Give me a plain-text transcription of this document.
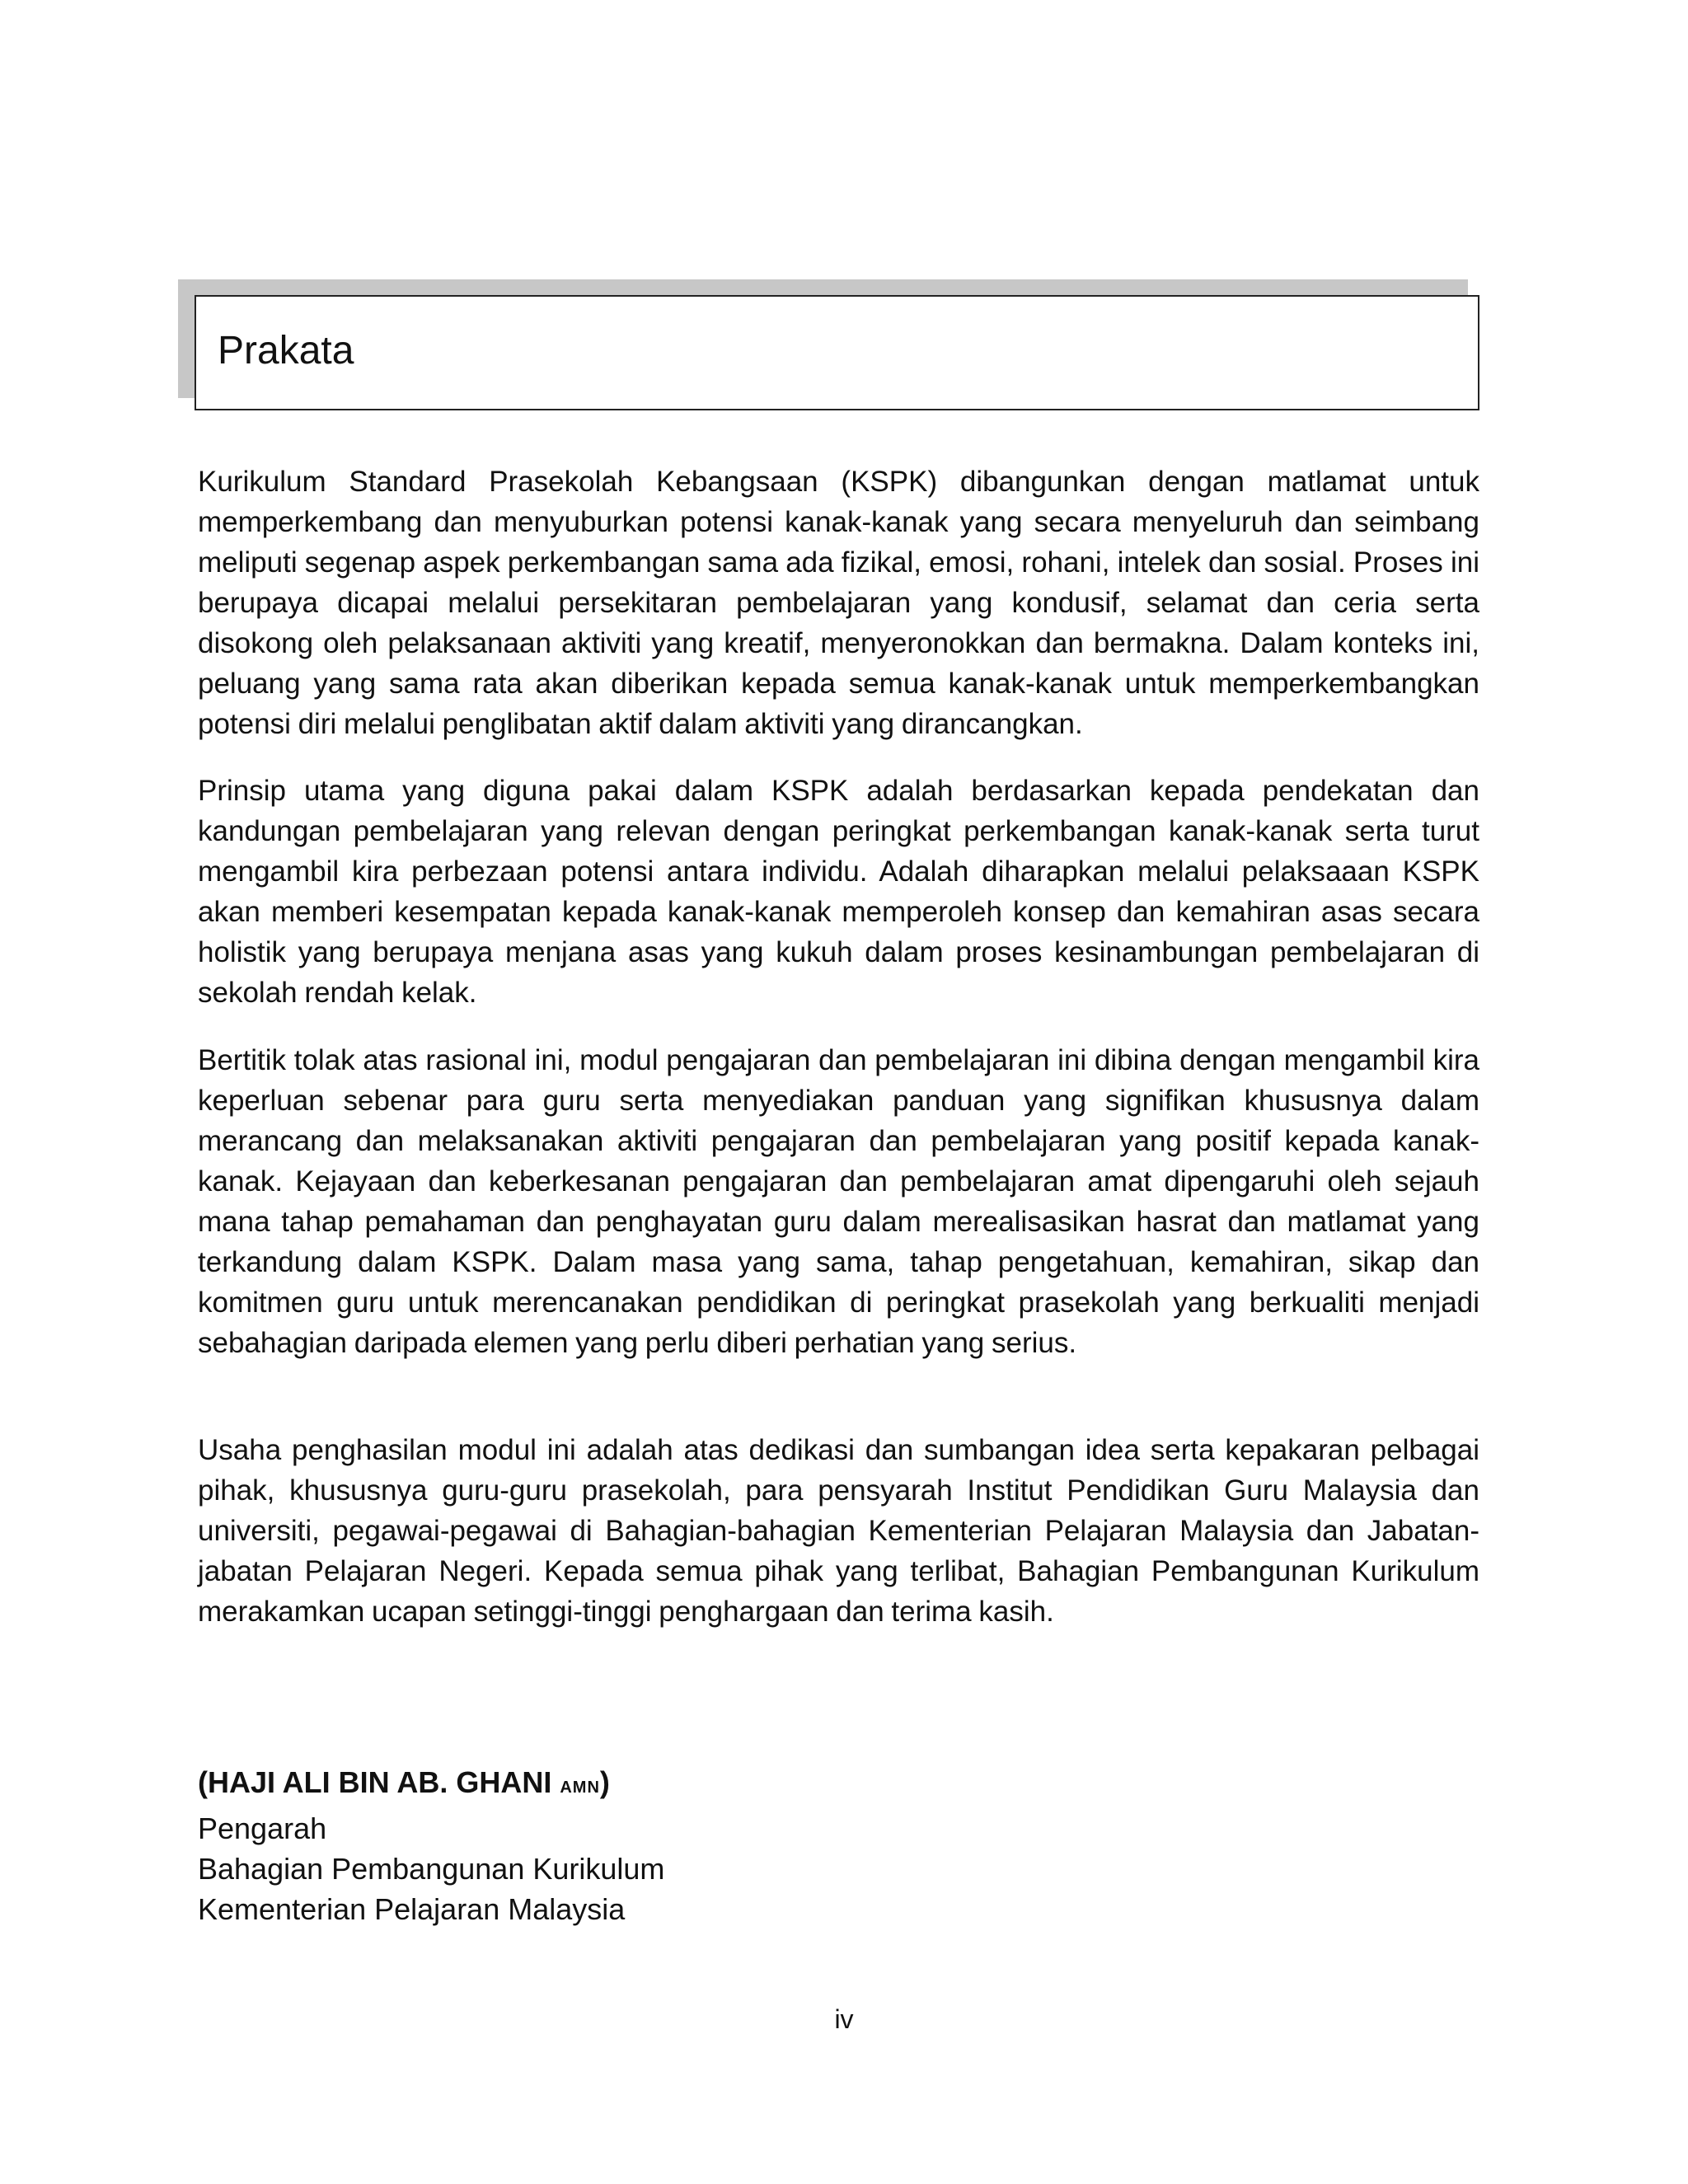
Prakata

Kurikulum Standard Prasekolah Kebangsaan (KSPK) dibangunkan dengan matlamat untuk memperkembang dan menyuburkan potensi kanak-kanak yang secara menyeluruh dan seimbang meliputi segenap aspek perkembangan sama ada fizikal, emosi, rohani, intelek dan sosial. Proses ini berupaya dicapai melalui persekitaran pembelajaran yang kondusif, selamat dan ceria serta disokong oleh pelaksanaan aktiviti yang kreatif, menyeronokkan dan bermakna. Dalam konteks ini, peluang yang sama rata akan diberikan kepada semua kanak-kanak untuk memperkembangkan potensi diri melalui penglibatan aktif dalam aktiviti yang dirancangkan.

Prinsip utama yang diguna pakai dalam KSPK adalah berdasarkan kepada pendekatan dan kandungan pembelajaran yang relevan dengan peringkat perkembangan kanak-kanak serta turut mengambil kira perbezaan potensi antara individu. Adalah diharapkan melalui pelaksaaan KSPK akan memberi kesempatan kepada kanak-kanak memperoleh konsep dan kemahiran asas secara holistik yang berupaya menjana asas yang kukuh dalam proses kesinambungan pembelajaran di sekolah rendah kelak.

Bertitik tolak atas rasional ini, modul pengajaran dan pembelajaran ini dibina dengan mengambil kira keperluan sebenar para guru serta menyediakan panduan yang signifikan khususnya dalam merancang dan melaksanakan aktiviti pengajaran dan pembelajaran yang positif kepada kanak-kanak. Kejayaan dan keberkesanan pengajaran dan pembelajaran amat dipengaruhi oleh sejauh mana tahap pemahaman dan penghayatan guru dalam merealisasikan hasrat dan matlamat yang terkandung dalam KSPK. Dalam masa yang sama, tahap pengetahuan, kemahiran, sikap dan komitmen guru untuk merencanakan pendidikan di peringkat prasekolah yang berkualiti menjadi sebahagian daripada elemen yang perlu diberi perhatian yang serius.

Usaha penghasilan modul ini adalah atas dedikasi dan sumbangan idea serta kepakaran pelbagai pihak, khususnya guru-guru prasekolah, para pensyarah Institut Pendidikan Guru Malaysia dan universiti, pegawai-pegawai di Bahagian-bahagian Kementerian Pelajaran Malaysia dan Jabatan-jabatan Pelajaran Negeri. Kepada semua pihak yang terlibat, Bahagian Pembangunan Kurikulum merakamkan ucapan setinggi-tinggi penghargaan dan terima kasih.

(HAJI ALI BIN AB. GHANI AMN)
Pengarah
Bahagian Pembangunan Kurikulum
Kementerian Pelajaran Malaysia
iv
